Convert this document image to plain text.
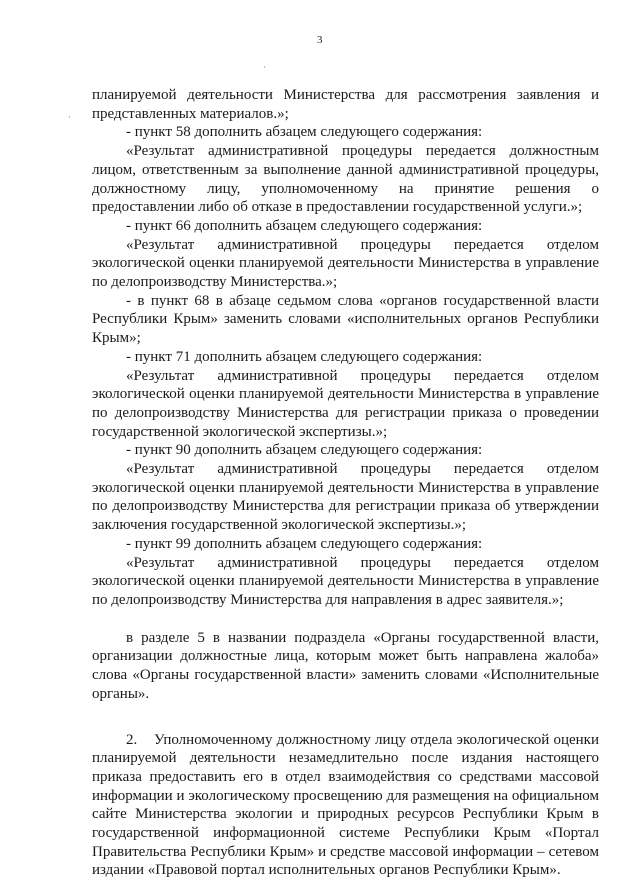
3
·
·

планируемой деятельности Министерства для рассмотрения заявления и представленных материалов.»;

- пункт 58 дополнить абзацем следующего содержания:

«Результат административной процедуры передается должностным лицом, ответственным за выполнение данной административной процедуры, должностному лицу, уполномоченному на принятие решения о предоставлении либо об отказе в предоставлении государственной услуги.»;

- пункт 66 дополнить абзацем следующего содержания:

«Результат административной процедуры передается отделом экологической оценки планируемой деятельности Министерства в управление по делопроизводству Министерства.»;

- в пункт 68 в абзаце седьмом слова «органов государственной власти Республики Крым» заменить словами «исполнительных органов Республики Крым»;

- пункт 71 дополнить абзацем следующего содержания:

«Результат административной процедуры передается отделом экологической оценки планируемой деятельности Министерства в управление по делопроизводству Министерства для регистрации приказа о проведении государственной экологической экспертизы.»;

- пункт 90 дополнить абзацем следующего содержания:

«Результат административной процедуры передается отделом экологической оценки планируемой деятельности Министерства в управление по делопроизводству Министерства для регистрации приказа об утверждении заключения государственной экологической экспертизы.»;

- пункт 99 дополнить абзацем следующего содержания:

«Результат административной процедуры передается отделом экологической оценки планируемой деятельности Министерства в управление по делопроизводству Министерства для направления в адрес заявителя.»;

в разделе 5 в названии подраздела «Органы государственной власти, организации должностные лица, которым может быть направлена жалоба» слова «Органы государственной власти» заменить словами «Исполнительные органы».

2.    Уполномоченному должностному лицу отдела экологической оценки планируемой деятельности незамедлительно после издания настоящего приказа предоставить его в отдел взаимодействия со средствами массовой информации и экологическому просвещению для размещения на официальном сайте Министерства экологии и природных ресурсов Республики Крым в государственной информационной системе Республики Крым «Портал Правительства Республики Крым» и средстве массовой информации – сетевом издании «Правовой портал исполнительных органов Республики Крым».
